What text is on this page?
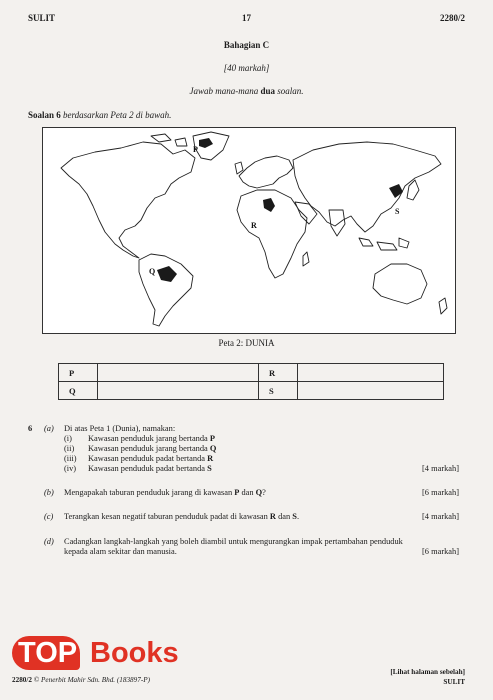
SULIT	17	2280/2
Bahagian C
[40 markah]
Jawab mana-mana dua soalan.
Soalan 6 berdasarkan Peta 2 di bawah.
P
Q
R
S
Peta 2: DUNIA
P		R	
Q		S	
6 (a) Di atas Peta 1 (Dunia), namakan:
(i)	Kawasan penduduk jarang bertanda P
(ii) Kawasan penduduk jarang bertanda Q
(iii) Kawasan penduduk padat bertanda R
(iv) Kawasan penduduk padat bertanda S	[4 markah]
(b) Mengapakah taburan penduduk jarang di kawasan P dan Q?	[6 markah]
(c) Terangkan kesan negatif taburan penduduk padat di kawasan R dan S.	[4 markah]
(d) Cadangkan langkah-langkah yang boleh diambil untuk mengurangkan impak pertambahan penduduk
kepada alam sekitar dan manusia.	[6 markah]
TOP Books
2280/2 © Penerbit Mahir Sdn. Bhd. (183897-P)
[Lihat halaman sebelah]
SULIT
